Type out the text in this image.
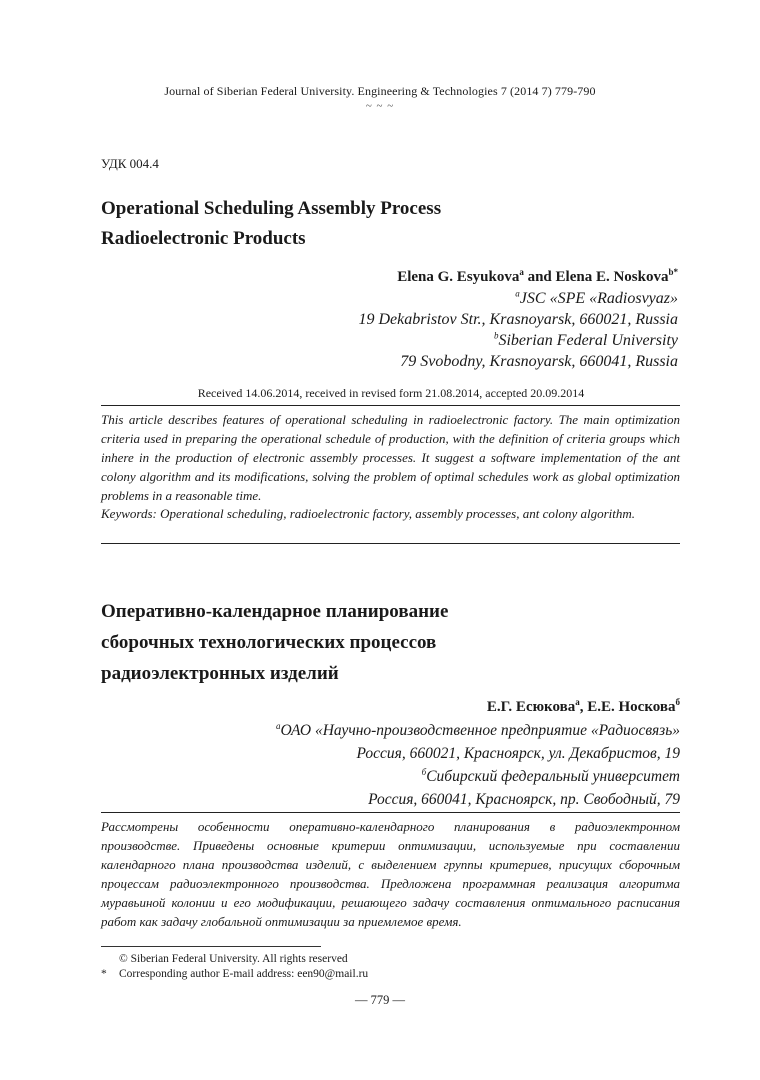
Journal of Siberian Federal University. Engineering & Technologies 7 (2014 7) 779-790
~ ~ ~
УДК 004.4
Operational Scheduling Assembly Process
Radioelectronic Products
Elena G. Esyukova$^a$ and Elena E. Noskova$^{b*}$
$^a$JSC «SPE «Radiosvyaz»
19 Dekabristov Str., Krasnoyarsk, 660021, Russia
$^b$Siberian Federal University
79 Svobodny, Krasnoyarsk, 660041, Russia
Received 14.06.2014, received in revised form 21.08.2014, accepted 20.09.2014
This article describes features of operational scheduling in radioelectronic factory. The main optimization criteria used in preparing the operational schedule of production, with the definition of criteria groups which inhere in the production of electronic assembly processes. It suggest a software implementation of the ant colony algorithm and its modifications, solving the problem of optimal schedules work as global optimization problems in a reasonable time.
Keywords: Operational scheduling, radioelectronic factory, assembly processes, ant colony algorithm.
Оперативно-календарное планирование
сборочных технологических процессов
радиоэлектронных изделий
Е.Г. Есюкова$^а$, Е.Е. Носкова$^б$
$^а$ОАО «Научно-производственное предприятие «Радиосвязь»
Россия, 660021, Красноярск, ул. Декабристов, 19
$^б$Сибирский федеральный университет
Россия, 660041, Красноярск, пр. Свободный, 79
Рассмотрены особенности оперативно-календарного планирования в радиоэлектронном производстве. Приведены основные критерии оптимизации, используемые при составлении календарного плана производства изделий, с выделением группы критериев, присущих сборочным процессам радиоэлектронного производства. Предложена программная реализация алгоритма муравьиной колонии и его модификации, решающего задачу составления оптимального расписания работ как задачу глобальной оптимизации за приемлемое время.
© Siberian Federal University. All rights reserved
* Corresponding author E-mail address: een90@mail.ru
— 779 —
